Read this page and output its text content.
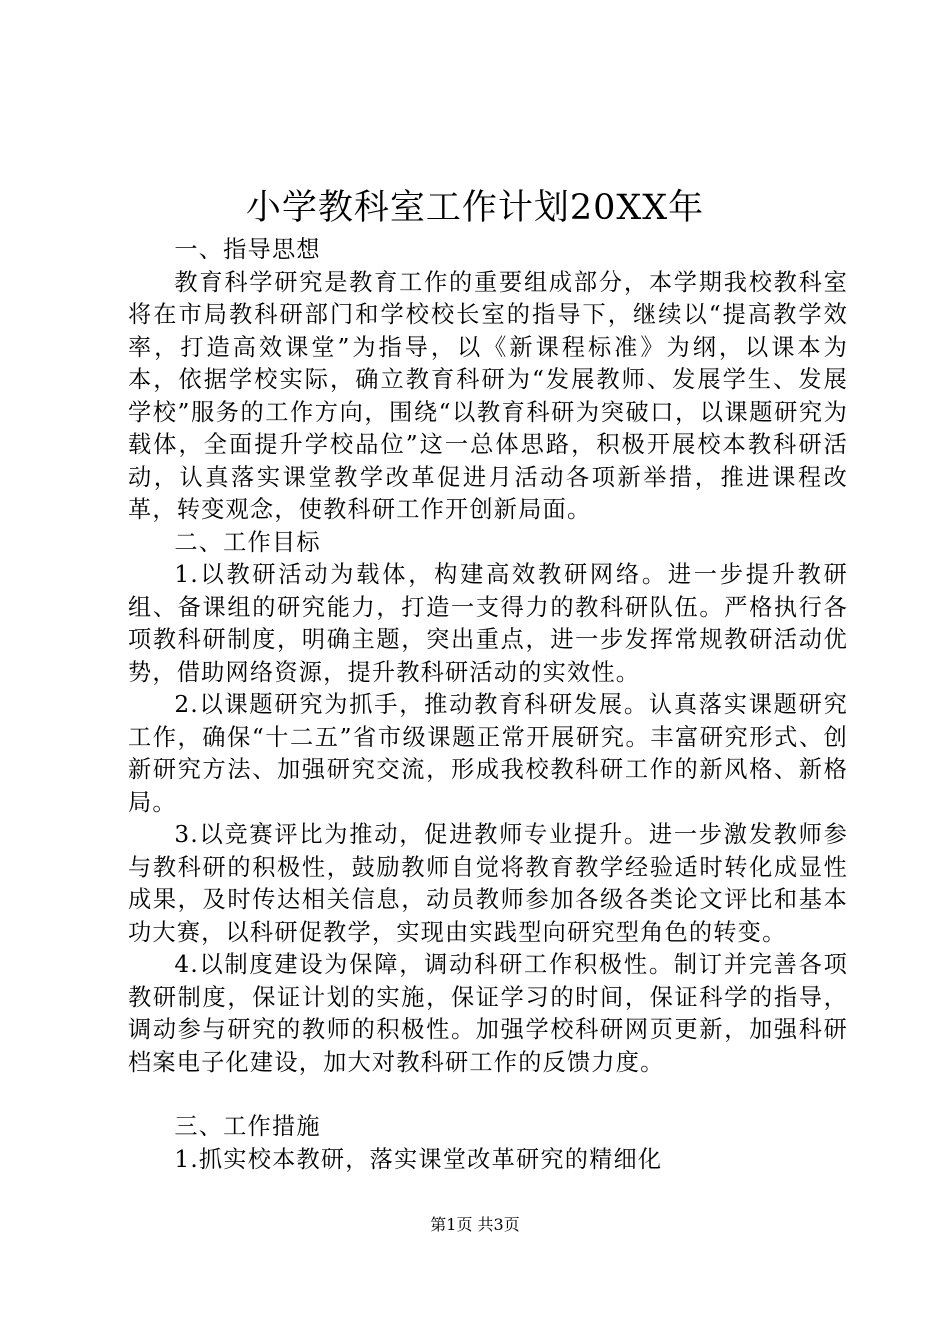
小学教科室工作计划20XX年

一、指导思想

教育科学研究是教育工作的重要组成部分，本学期我校教科室将在市局教科研部门和学校校长室的指导下，继续以“提高教学效率，打造高效课堂”为指导，以《新课程标准》为纲，以课本为本，依据学校实际，确立教育科研为“发展教师、发展学生、发展学校”服务的工作方向，围绕“以教育科研为突破口，以课题研究为载体，全面提升学校品位”这一总体思路，积极开展校本教科研活动，认真落实课堂教学改革促进月活动各项新举措，推进课程改革，转变观念，使教科研工作开创新局面。

二、工作目标

1.以教研活动为载体，构建高效教研网络。进一步提升教研组、备课组的研究能力，打造一支得力的教科研队伍。严格执行各项教科研制度，明确主题，突出重点，进一步发挥常规教研活动优势，借助网络资源，提升教科研活动的实效性。

2.以课题研究为抓手，推动教育科研发展。认真落实课题研究工作，确保“十二五”省市级课题正常开展研究。丰富研究形式、创新研究方法、加强研究交流，形成我校教科研工作的新风格、新格局。

3.以竞赛评比为推动，促进教师专业提升。进一步激发教师参与教科研的积极性，鼓励教师自觉将教育教学经验适时转化成显性成果，及时传达相关信息，动员教师参加各级各类论文评比和基本功大赛，以科研促教学，实现由实践型向研究型角色的转变。

4.以制度建设为保障，调动科研工作积极性。制订并完善各项教研制度，保证计划的实施，保证学习的时间，保证科学的指导，调动参与研究的教师的积极性。加强学校科研网页更新，加强科研档案电子化建设，加大对教科研工作的反馈力度。

三、工作措施

1.抓实校本教研，落实课堂改革研究的精细化

第1页 共3页
